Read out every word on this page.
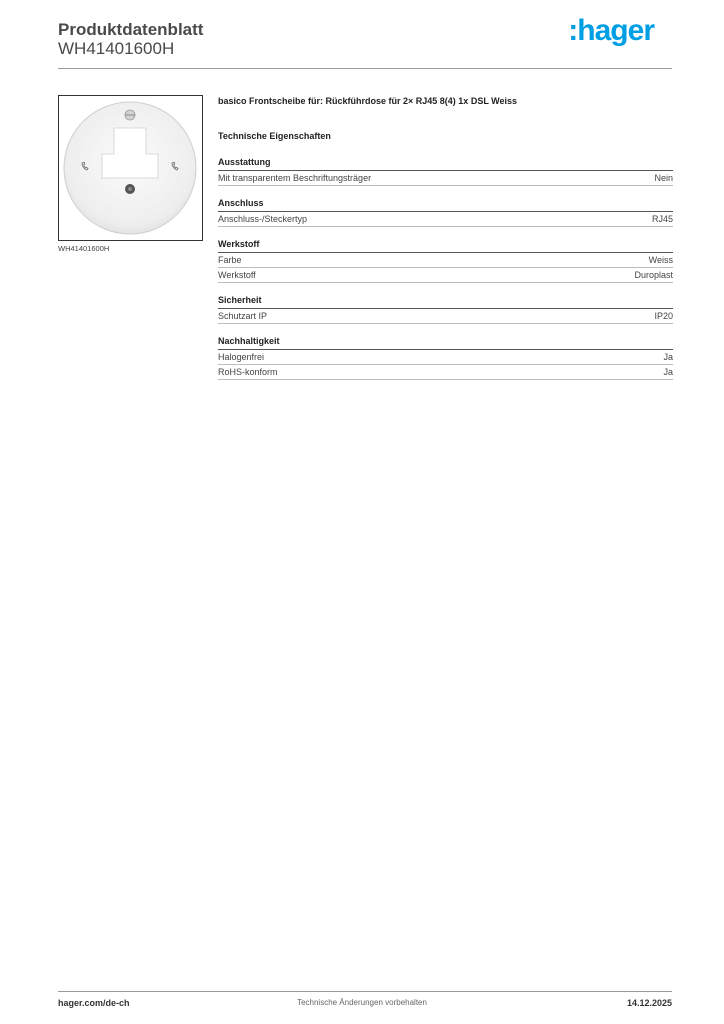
Produktdatenblatt
WH41401600H
:hager
WH41401600H
basico Frontscheibe für: Rückführdose für 2× RJ45 8(4) 1x DSL Weiss
Technische Eigenschaften
Ausstattung
Mit transparentem Beschriftungsträger	Nein
Anschluss
Anschluss-/Steckertyp	RJ45
Werkstoff
Farbe	Weiss
Werkstoff	Duroplast
Sicherheit
Schutzart IP	IP20
Nachhaltigkeit
Halogenfrei	Ja
RoHS-konform	Ja
hager.com/de-ch	Technische Änderungen vorbehalten	14.12.2025
